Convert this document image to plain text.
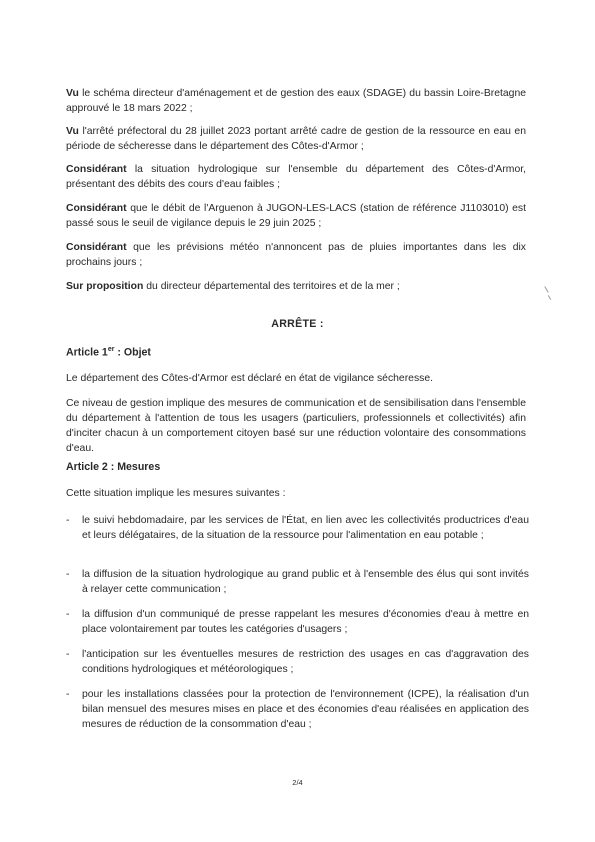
Vu le schéma directeur d'aménagement et de gestion des eaux (SDAGE) du bassin Loire-Bretagne approuvé le 18 mars 2022 ;
Vu l'arrêté préfectoral du 28 juillet 2023 portant arrêté cadre de gestion de la ressource en eau en période de sécheresse dans le département des Côtes-d'Armor ;
Considérant la situation hydrologique sur l'ensemble du département des Côtes-d'Armor, présentant des débits des cours d'eau faibles ;
Considérant que le débit de l'Arguenon à JUGON-LES-LACS (station de référence J1103010) est passé sous le seuil de vigilance depuis le 29 juin 2025 ;
Considérant que les prévisions météo n'annoncent pas de pluies importantes dans les dix prochains jours ;
Sur proposition du directeur départemental des territoires et de la mer ;
ARRÊTE :
Article 1er : Objet
Le département des Côtes-d'Armor est déclaré en état de vigilance sécheresse.
Ce niveau de gestion implique des mesures de communication et de sensibilisation dans l'ensemble du département à l'attention de tous les usagers (particuliers, professionnels et collectivités) afin d'inciter chacun à un comportement citoyen basé sur une réduction volontaire des consommations d'eau.
Article 2 : Mesures
Cette situation implique les mesures suivantes :
- le suivi hebdomadaire, par les services de l'État, en lien avec les collectivités productrices d'eau et leurs délégataires, de la situation de la ressource pour l'alimentation en eau potable ;
- la diffusion de la situation hydrologique au grand public et à l'ensemble des élus qui sont invités à relayer cette communication ;
- la diffusion d'un communiqué de presse rappelant les mesures d'économies d'eau à mettre en place volontairement par toutes les catégories d'usagers ;
- l'anticipation sur les éventuelles mesures de restriction des usages en cas d'aggravation des conditions hydrologiques et météorologiques ;
- pour les installations classées pour la protection de l'environnement (ICPE), la réalisation d'un bilan mensuel des mesures mises en place et des économies d'eau réalisées en application des mesures de réduction de la consommation d'eau ;
2/4
